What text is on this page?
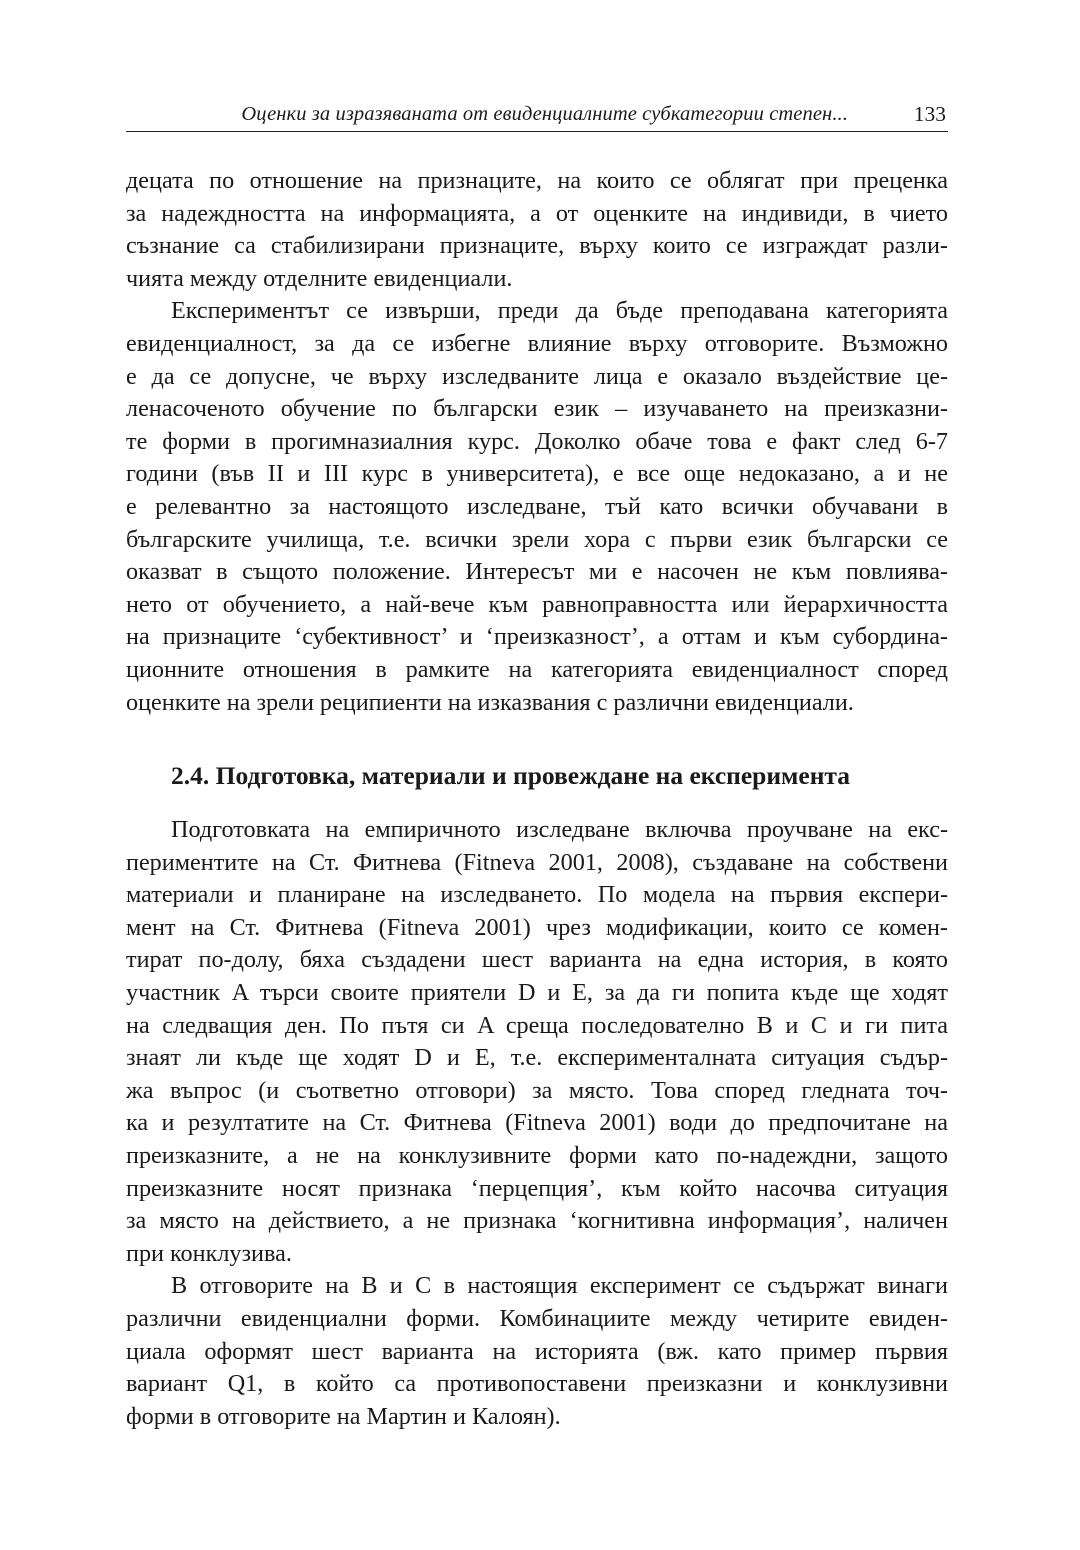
Оценки за изразяваната от евиденциалните субкатегории степен...	133
децата по отношение на признаците, на които се облягат при преценка
за надеждността на информацията, а от оценките на индивиди, в чието
съзнание са стабилизирани признаците, върху които се изграждат разли-
чията между отделните евиденциали.
Експериментът се извърши, преди да бъде преподавана категорията
евиденциалност, за да се избегне влияние върху отговорите. Възможно
е да се допусне, че върху изследваните лица е оказало въздействие це-
ленасоченото обучение по български език – изучаването на преизказни-
те форми в прогимназиалния курс. Доколко обаче това е факт след 6-7
години (във II и III курс в университета), е все още недоказано, а и не
е релевантно за настоящото изследване, тъй като всички обучавани в
българските училища, т.е. всички зрели хора с първи език български се
оказват в същото положение. Интересът ми е насочен не към повлиява-
нето от обучението, а най-вече към равноправността или йерархичността
на признаците ‘субективност’ и ‘преизказност’, а оттам и към субордина-
ционните отношения в рамките на категорията евиденциалност според
оценките на зрели реципиенти на изказвания с различни евиденциали.
2.4. Подготовка, материали и провеждане на експеримента
Подготовката на емпиричното изследване включва проучване на екс-
периментите на Ст. Фитнева (Fitneva 2001, 2008), създаване на собствени
материали и планиране на изследването. По модела на първия експери-
мент на Ст. Фитнева (Fitneva 2001) чрез модификации, които се комен-
тират по-долу, бяха създадени шест варианта на една история, в която
участник A търси своите приятели D и E, за да ги попита къде ще ходят
на следващия ден. По пътя си A среща последователно B и C и ги пита
знаят ли къде ще ходят D и E, т.е. експерименталната ситуация съдър-
жа въпрос (и съответно отговори) за място. Това според гледната точ-
ка и резултатите на Ст. Фитнева (Fitneva 2001) води до предпочитане на
преизказните, а не на конклузивните форми като по-надеждни, защото
преизказните носят признака ‘перцепция’, към който насочва ситуация
за място на действието, а не признака ‘когнитивна информация’, наличен
при конклузива.
В отговорите на B и C в настоящия експеримент се съдържат винаги
различни евиденциални форми. Комбинациите между четирите евиден-
циала оформят шест варианта на историята (вж. като пример първия
вариант Q1, в който са противопоставени преизказни и конклузивни
форми в отговорите на Мартин и Калоян).
